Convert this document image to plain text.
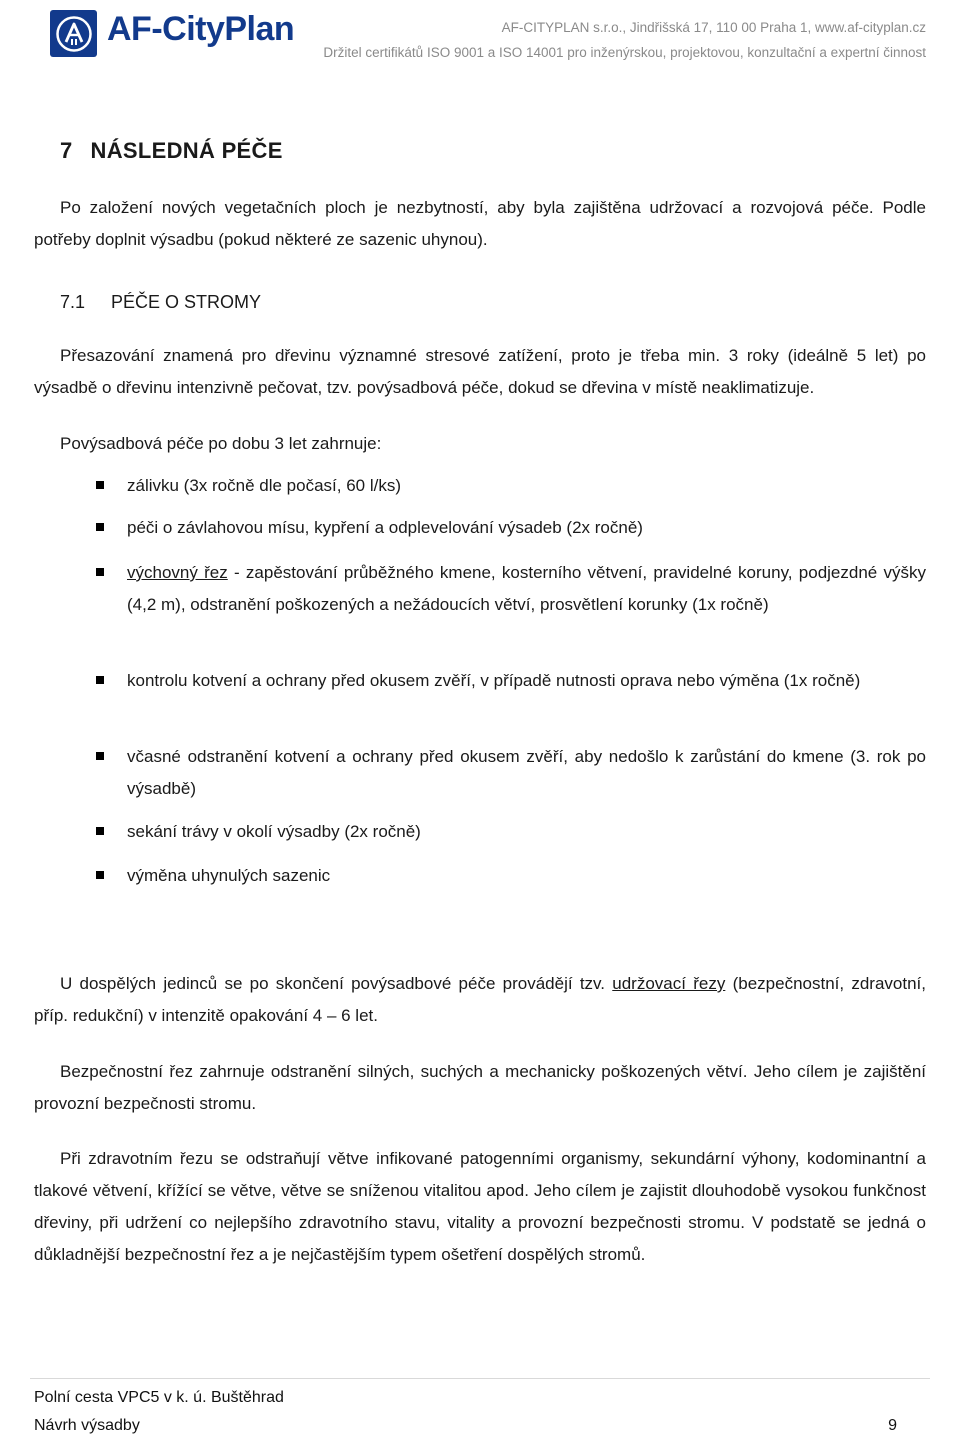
AF-CityPlan	AF-CITYPLAN s.r.o., Jindřišská 17, 110 00 Praha 1, www.af-cityplan.cz
Držitel certifikátů ISO 9001 a ISO 14001 pro inženýrskou, projektovou, konzultační a expertní činnost
7 NÁSLEDNÁ PÉČE
Po založení nových vegetačních ploch je nezbytností, aby byla zajištěna udržovací a rozvojová péče. Podle potřeby doplnit výsadbu (pokud některé ze sazenic uhynou).
7.1 PÉČE O STROMY
Přesazování znamená pro dřevinu významné stresové zatížení, proto je třeba min. 3 roky (ideálně 5 let) po výsadbě o dřevinu intenzivně pečovat, tzv. povýsadbová péče, dokud se dřevina v místě neaklimatizuje.
Povýsadbová péče po dobu 3 let zahrnuje:
zálivku (3x ročně dle počasí, 60 l/ks)
péči o závlahovou mísu, kypření a odplevelování výsadeb (2x ročně)
výchovný řez - zapěstování průběžného kmene, kosterního větvení, pravidelné koruny, podjezdné výšky (4,2 m), odstranění poškozených a nežádoucích větví, prosvětlení korunky (1x ročně)
kontrolu kotvení a ochrany před okusem zvěří, v případě nutnosti oprava nebo výměna (1x ročně)
včasné odstranění kotvení a ochrany před okusem zvěří, aby nedošlo k zarůstání do kmene (3. rok po výsadbě)
sekání trávy v okolí výsadby (2x ročně)
výměna uhynulých sazenic
U dospělých jedinců se po skončení povýsadbové péče provádějí tzv. udržovací řezy (bezpečnostní, zdravotní, příp. redukční) v intenzitě opakování 4 – 6 let.
Bezpečnostní řez zahrnuje odstranění silných, suchých a mechanicky poškozených větví. Jeho cílem je zajištění provozní bezpečnosti stromu.
Při zdravotním řezu se odstraňují větve infikované patogenními organismy, sekundární výhony, kodominantní a tlakové větvení, křížící se větve, větve se sníženou vitalitou apod. Jeho cílem je zajistit dlouhodobě vysokou funkčnost dřeviny, při udržení co nejlepšího zdravotního stavu, vitality a provozní bezpečnosti stromu. V podstatě se jedná o důkladnější bezpečnostní řez a je nejčastějším typem ošetření dospělých stromů.
Polní cesta VPC5 v k. ú. Buštěhrad
Návrh výsadby	9
